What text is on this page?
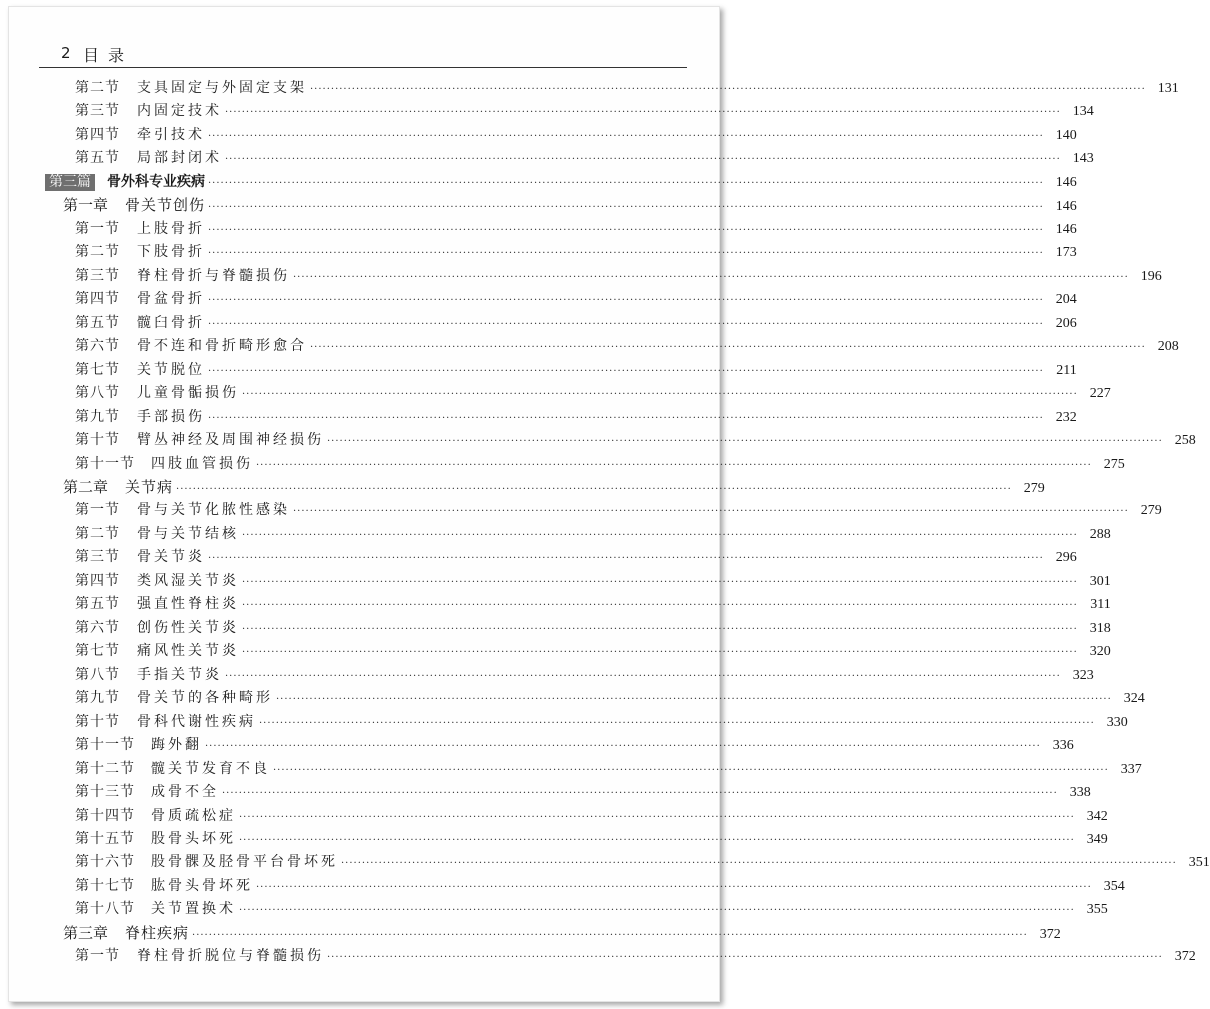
2 目录
第二节	支具固定与外固定支架 ········································································································································································································ 131
第三节	内固定技术 ········································································································································································································ 134
第四节	牵引技术 ········································································································································································································ 140
第五节	局部封闭术 ········································································································································································································ 143
第三篇 骨外科专业疾病 ········································································································································································································ 146
第一章	骨关节创伤 ········································································································································································································ 146
第一节	上肢骨折 ········································································································································································································ 146
第二节	下肢骨折 ········································································································································································································ 173
第三节	脊柱骨折与脊髓损伤 ········································································································································································································ 196
第四节	骨盆骨折 ········································································································································································································ 204
第五节	髋臼骨折 ········································································································································································································ 206
第六节	骨不连和骨折畸形愈合 ········································································································································································································ 208
第七节	关节脱位 ········································································································································································································ 211
第八节	儿童骨骺损伤 ········································································································································································································ 227
第九节	手部损伤 ········································································································································································································ 232
第十节	臂丛神经及周围神经损伤 ········································································································································································································ 258
第十一节	四肢血管损伤 ········································································································································································································ 275
第二章	关节病 ········································································································································································································ 279
第一节	骨与关节化脓性感染 ········································································································································································································ 279
第二节	骨与关节结核 ········································································································································································································ 288
第三节	骨关节炎 ········································································································································································································ 296
第四节	类风湿关节炎 ········································································································································································································ 301
第五节	强直性脊柱炎 ········································································································································································································ 311
第六节	创伤性关节炎 ········································································································································································································ 318
第七节	痛风性关节炎 ········································································································································································································ 320
第八节	手指关节炎 ········································································································································································································ 323
第九节	骨关节的各种畸形 ········································································································································································································ 324
第十节	骨科代谢性疾病 ········································································································································································································ 330
第十一节	踇外翻 ········································································································································································································ 336
第十二节	髋关节发育不良 ········································································································································································································ 337
第十三节	成骨不全 ········································································································································································································ 338
第十四节	骨质疏松症 ········································································································································································································ 342
第十五节	股骨头坏死 ········································································································································································································ 349
第十六节	股骨髁及胫骨平台骨坏死 ········································································································································································································ 351
第十七节	肱骨头骨坏死 ········································································································································································································ 354
第十八节	关节置换术 ········································································································································································································ 355
第三章	脊柱疾病 ········································································································································································································ 372
第一节	脊柱骨折脱位与脊髓损伤 ········································································································································································································ 372
